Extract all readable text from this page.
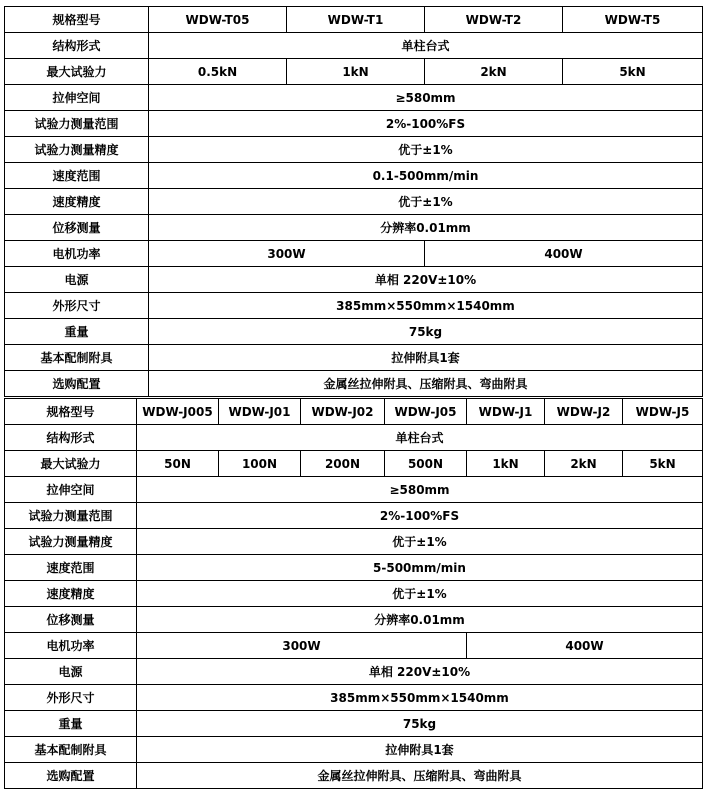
规格型号	WDW-T05	WDW-T1	WDW-T2	WDW-T5
结构形式	单柱台式			
最大试验力	0.5kN	1kN	2kN	5kN
拉伸空间	≥580mm			
试验力测量范围	2%-100%FS			
试验力测量精度	优于±1%			
速度范围	0.1-500mm/min			
速度精度	优于±1%			
位移测量	分辨率0.01mm			
电机功率	300W		400W	
电源	单相 220V±10%			
外形尺寸	385mm×550mm×1540mm			
重量	75kg			
基本配制附具	拉伸附具1套			
选购配置	金属丝拉伸附具、压缩附具、弯曲附具			
规格型号	WDW-J005	WDW-J01	WDW-J02	WDW-J05	WDW-J1	WDW-J2	WDW-J5
结构形式	单柱台式						
最大试验力	50N	100N	200N	500N	1kN	2kN	5kN
拉伸空间	≥580mm						
试验力测量范围	2%-100%FS						
试验力测量精度	优于±1%						
速度范围	5-500mm/min						
速度精度	优于±1%						
位移测量	分辨率0.01mm						
电机功率	300W				400W		
电源	单相 220V±10%						
外形尺寸	385mm×550mm×1540mm						
重量	75kg						
基本配制附具	拉伸附具1套						
选购配置	金属丝拉伸附具、压缩附具、弯曲附具						
